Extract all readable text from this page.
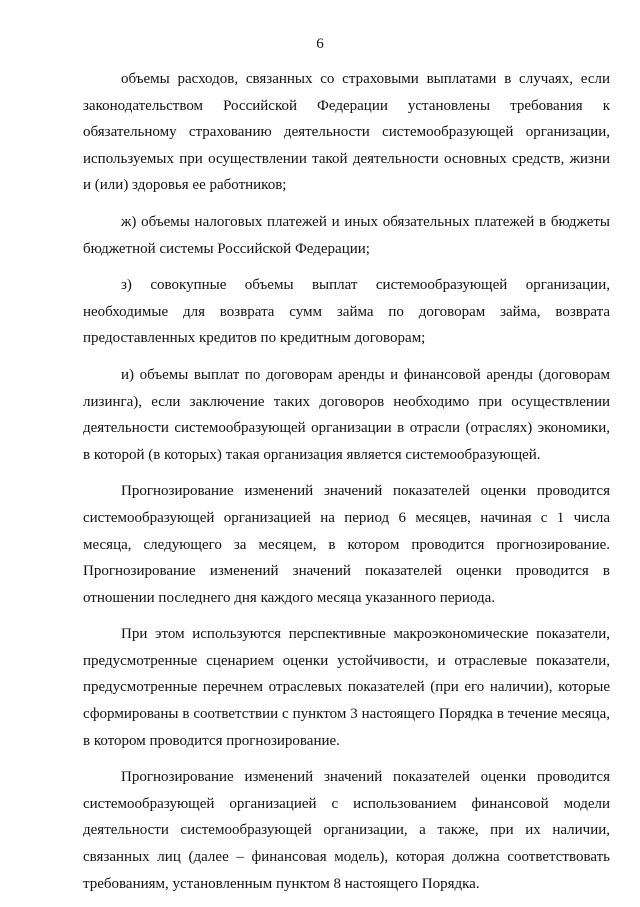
6

объемы расходов, связанных со страховыми выплатами в случаях, если законодательством Российской Федерации установлены требования к обязательному страхованию деятельности системообразующей организации, используемых при осуществлении такой деятельности основных средств, жизни и (или) здоровья ее работников;

ж) объемы налоговых платежей и иных обязательных платежей в бюджеты бюджетной системы Российской Федерации;

з) совокупные объемы выплат системообразующей организации, необходимые для возврата сумм займа по договорам займа, возврата предоставленных кредитов по кредитным договорам;

и) объемы выплат по договорам аренды и финансовой аренды (договорам лизинга), если заключение таких договоров необходимо при осуществлении деятельности системообразующей организации в отрасли (отраслях) экономики, в которой (в которых) такая организация является системообразующей.

Прогнозирование изменений значений показателей оценки проводится системообразующей организацией на период 6 месяцев, начиная с 1 числа месяца, следующего за месяцем, в котором проводится прогнозирование. Прогнозирование изменений значений показателей оценки проводится в отношении последнего дня каждого месяца указанного периода.

При этом используются перспективные макроэкономические показатели, предусмотренные сценарием оценки устойчивости, и отраслевые показатели, предусмотренные перечнем отраслевых показателей (при его наличии), которые сформированы в соответствии с пунктом 3 настоящего Порядка в течение месяца, в котором проводится прогнозирование.

Прогнозирование изменений значений показателей оценки проводится системообразующей организацией с использованием финансовой модели деятельности системообразующей организации, а также, при их наличии, связанных лиц (далее – финансовая модель), которая должна соответствовать требованиям, установленным пунктом 8 настоящего Порядка.
